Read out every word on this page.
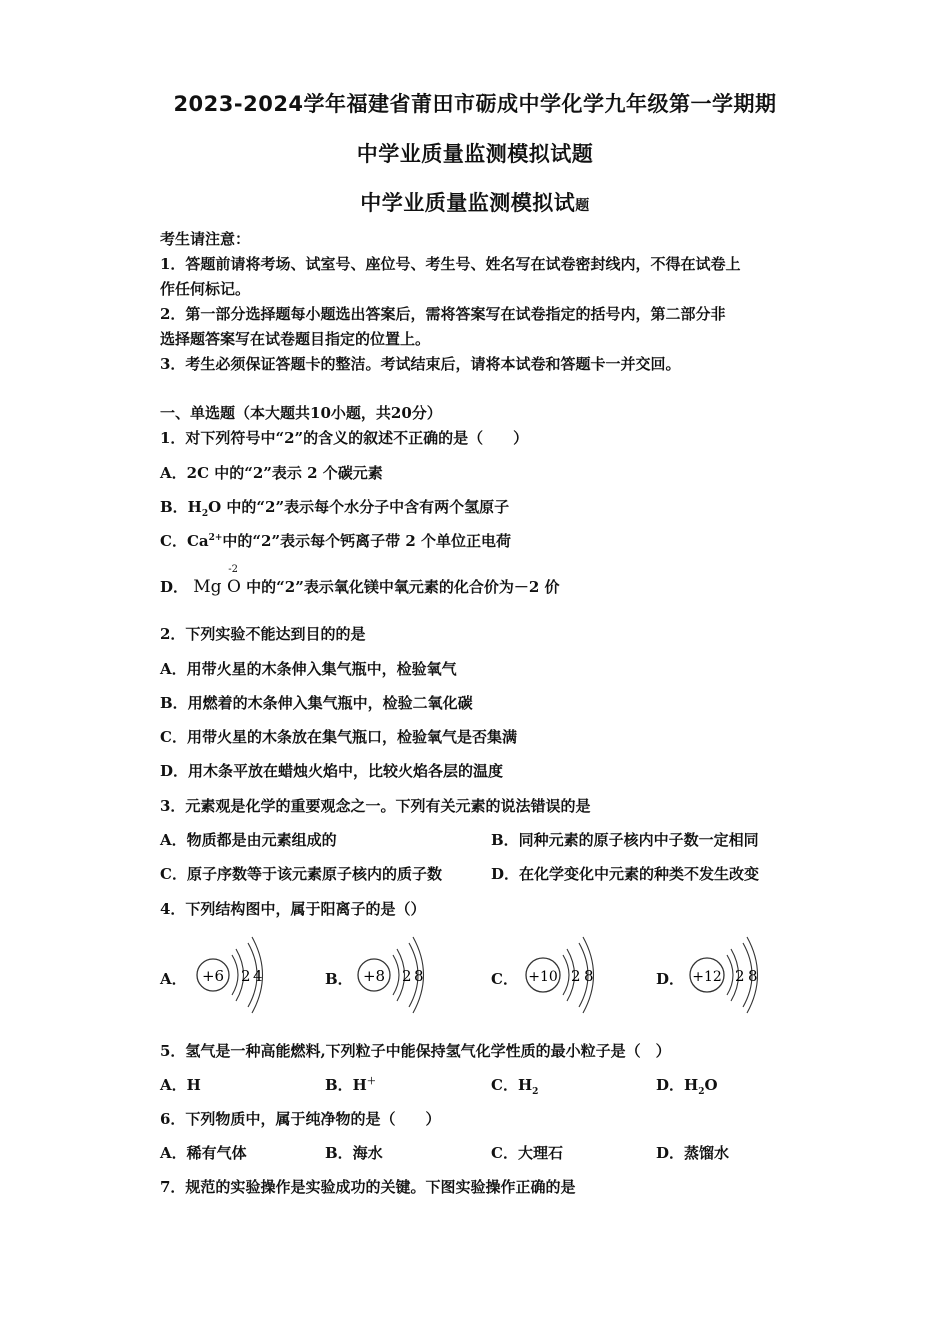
2023-2024学年福建省莆田市砺成中学化学九年级第一学期期
中学业质量监测模拟试题
中学业质量监测模拟试题
考生请注意：
1．答题前请将考场、试室号、座位号、考生号、姓名写在试卷密封线内，不得在试卷上
作任何标记。
2．第一部分选择题每小题选出答案后，需将答案写在试卷指定的括号内，第二部分非
选择题答案写在试卷题目指定的位置上。
3．考生必须保证答题卡的整洁。考试结束后，请将本试卷和答题卡一并交回。
一、单选题（本大题共10小题，共20分）
1．对下列符号中“2”的含义的叙述不正确的是（　　）
A．2C 中的“2”表示 2 个碳元素
B．$H_2O$ 中的“2”表示每个水分子中含有两个氢原子
C．$Ca^{2+}$中的“2”表示每个钙离子带 2 个单位正电荷
D．
-2
Mg O 中的“2”表示氧化镁中氧元素的化合价为－2 价
2．下列实验不能达到目的的是
A．用带火星的木条伸入集气瓶中，检验氧气
B．用燃着的木条伸入集气瓶中，检验二氧化碳
C．用带火星的木条放在集气瓶口，检验氧气是否集满
D．用木条平放在蜡烛火焰中，比较火焰各层的温度
3．元素观是化学的重要观念之一。下列有关元素的说法错误的是
A．物质都是由元素组成的	B．同种元素的原子核内中子数一定相同
C．原子序数等于该元素原子核内的质子数	D．在化学变化中元素的种类不发生改变
4．下列结构图中，属于阳离子的是（）
A． +6 2 4	B． +8 2 8	C． +10 2 8	D． +12 2 8
5．氢气是一种高能燃料,下列粒子中能保持氢气化学性质的最小粒子是（　）
A．H	B．H＋	C．$H_2$	D．$H_2O$
6．下列物质中，属于纯净物的是（　　）
A．稀有气体	B．海水	C．大理石	D．蒸馏水
7．规范的实验操作是实验成功的关键。下图实验操作正确的是
